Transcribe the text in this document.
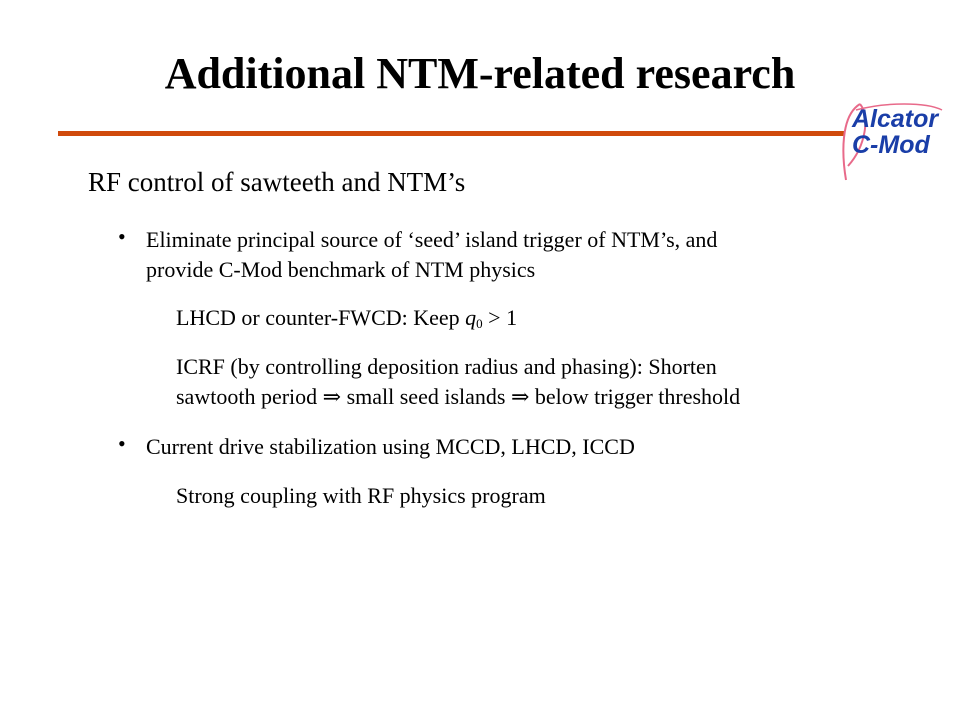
Additional NTM-related research
Alcator
C-Mod
RF control of sawteeth and NTM’s
• Eliminate principal source of ‘seed’ island trigger of NTM’s, and
provide C-Mod benchmark of NTM physics
LHCD or counter-FWCD: Keep q0 > 1
ICRF (by controlling deposition radius and phasing): Shorten
sawtooth period ⇒ small seed islands ⇒ below trigger threshold
• Current drive stabilization using MCCD, LHCD, ICCD
Strong coupling with RF physics program
